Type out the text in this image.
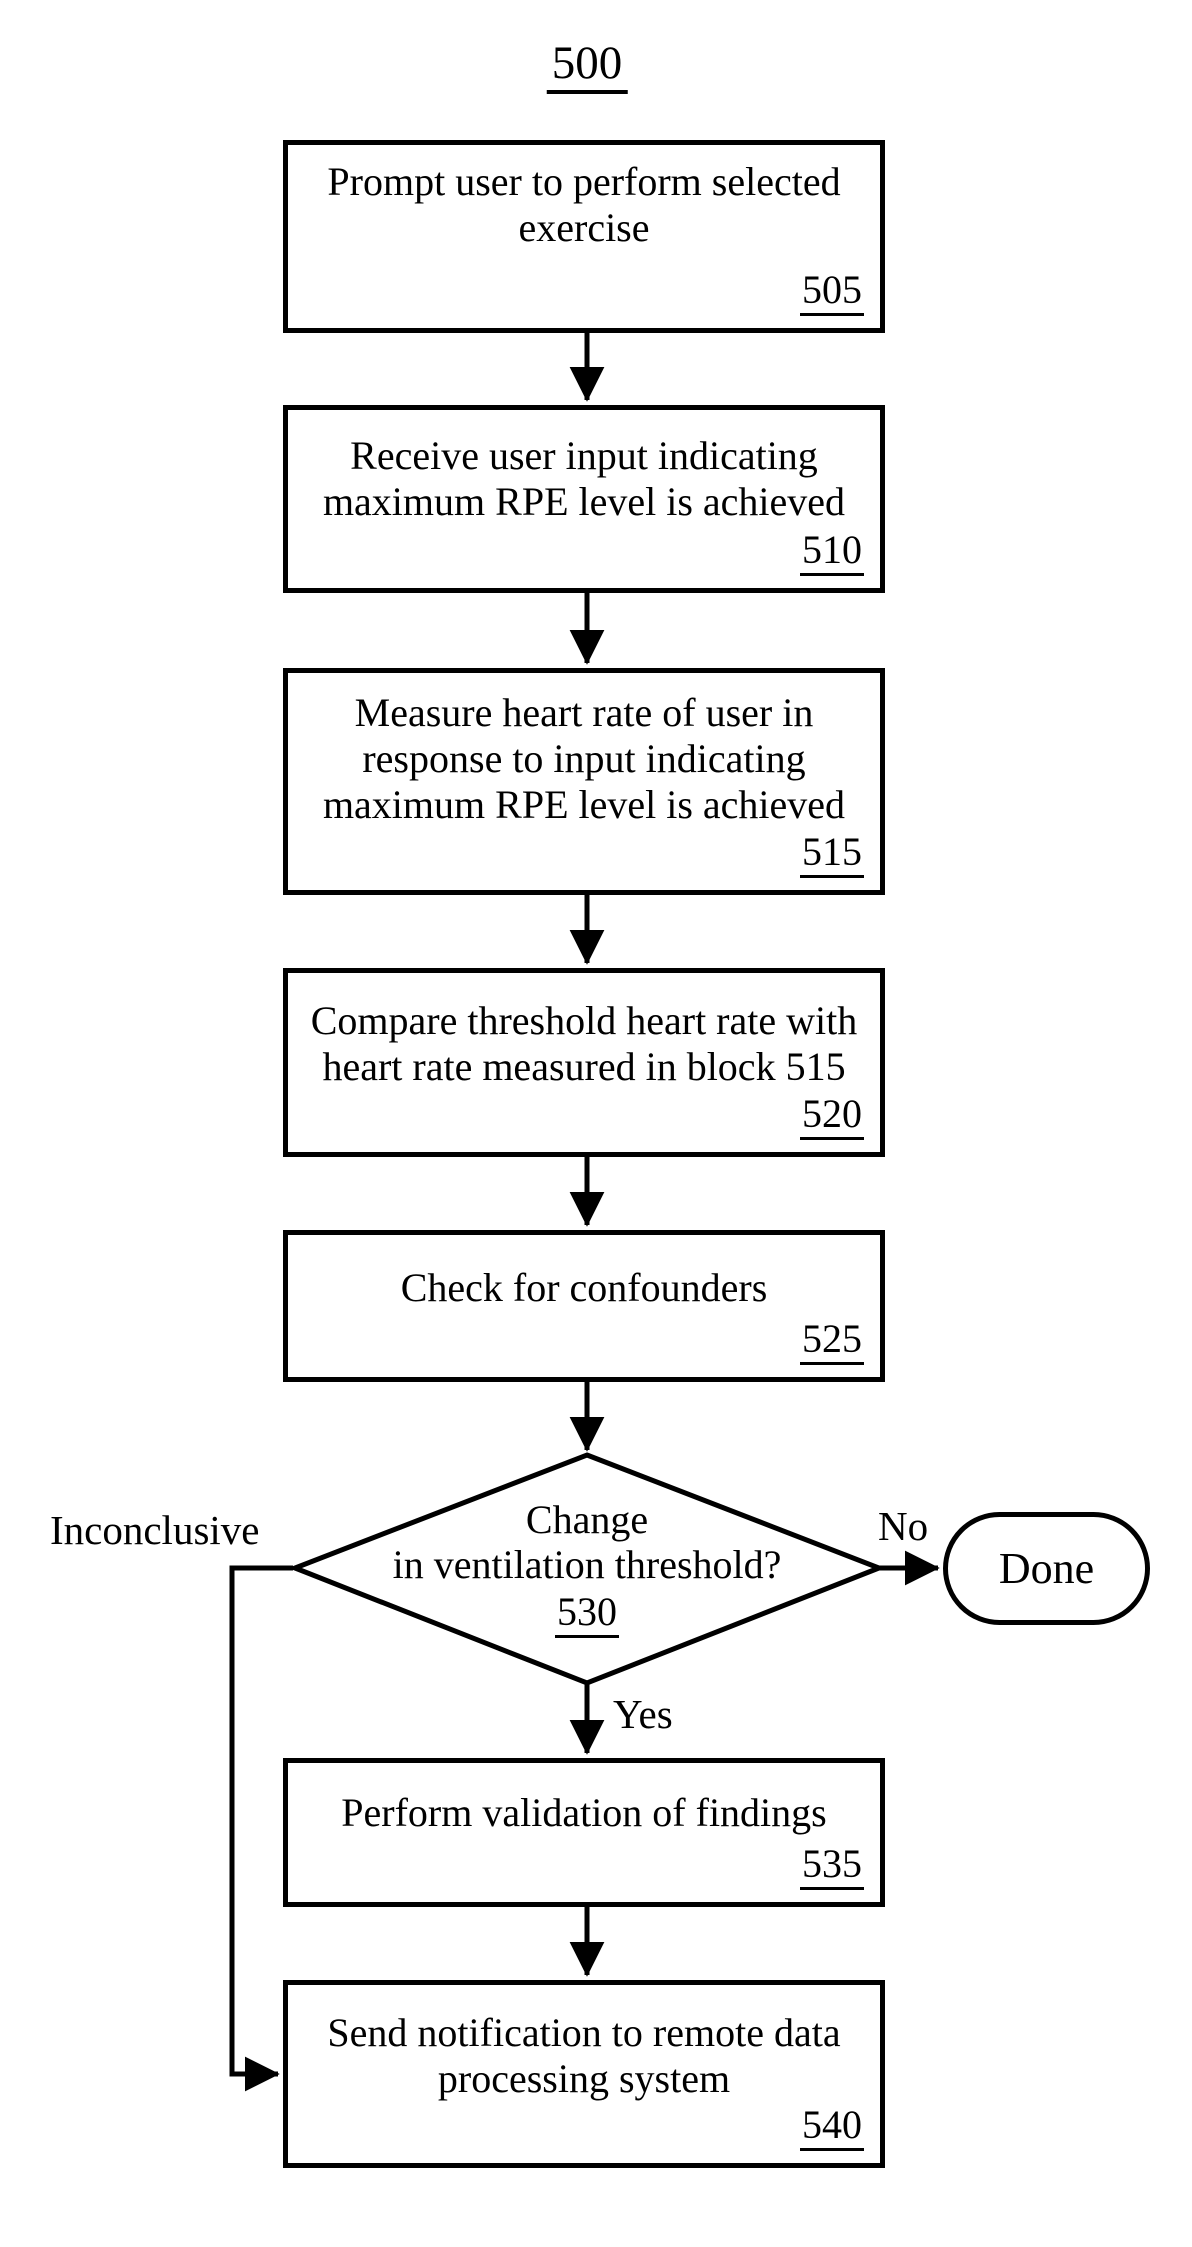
500
Prompt user to perform selected
exercise
505
Receive user input indicating
maximum RPE level is achieved
510
Measure heart rate of user in
response to input indicating
maximum RPE level is achieved
515
Compare threshold heart rate with
heart rate measured in block 515
520
Check for confounders
525
Change
in ventilation threshold?
530
Done
Inconclusive	No
Yes
Perform validation of findings
535
Send notification to remote data
processing system
540
